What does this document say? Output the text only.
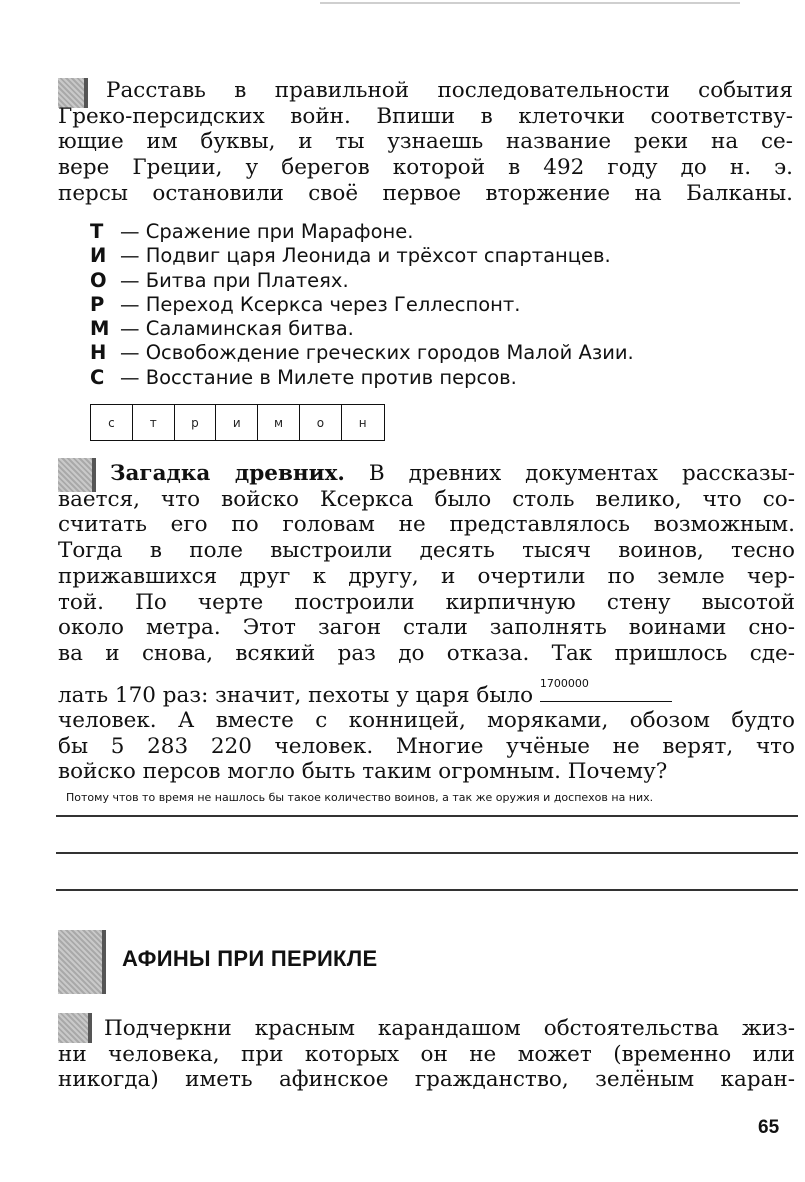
Расставь в правильной последовательности события
Греко-персидских войн. Впиши в клеточки соответству-
ющие им буквы, и ты узнаешь название реки на се-
вере Греции, у берегов которой в 492 году до н. э.
персы остановили своё первое вторжение на Балканы.
Т — Сражение при Марафоне.
И — Подвиг царя Леонида и трёхсот спартанцев.
О — Битва при Платеях.
Р — Переход Ксеркса через Геллеспонт.
М — Саламинская битва.
Н — Освобождение греческих городов Малой Азии.
С — Восстание в Милете против персов.
с	т	р	и	м	о	н
Загадка древних. В древних документах рассказы-
вается, что войско Ксеркса было столь велико, что со-
считать его по головам не представлялось возможным.
Тогда в поле выстроили десять тысяч воинов, тесно
прижавшихся друг к другу, и очертили по земле чер-
той. По черте построили кирпичную стену высотой
около метра. Этот загон стали заполнять воинами сно-
ва и снова, всякий раз до отказа. Так пришлось сде-
лать 170 раз: значит, пехоты у царя было 1700000
человек. А вместе с конницей, моряками, обозом будто
бы 5 283 220 человек. Многие учёные не верят, что
войско персов могло быть таким огромным. Почему?
Потому чтов то время не нашлось бы такое количество воинов, а так же оружия и доспехов на них.
АФИНЫ ПРИ ПЕРИКЛЕ
Подчеркни красным карандашом обстоятельства жиз-
ни человека, при которых он не может (временно или
никогда) иметь афинское гражданство, зелёным каран-
65
